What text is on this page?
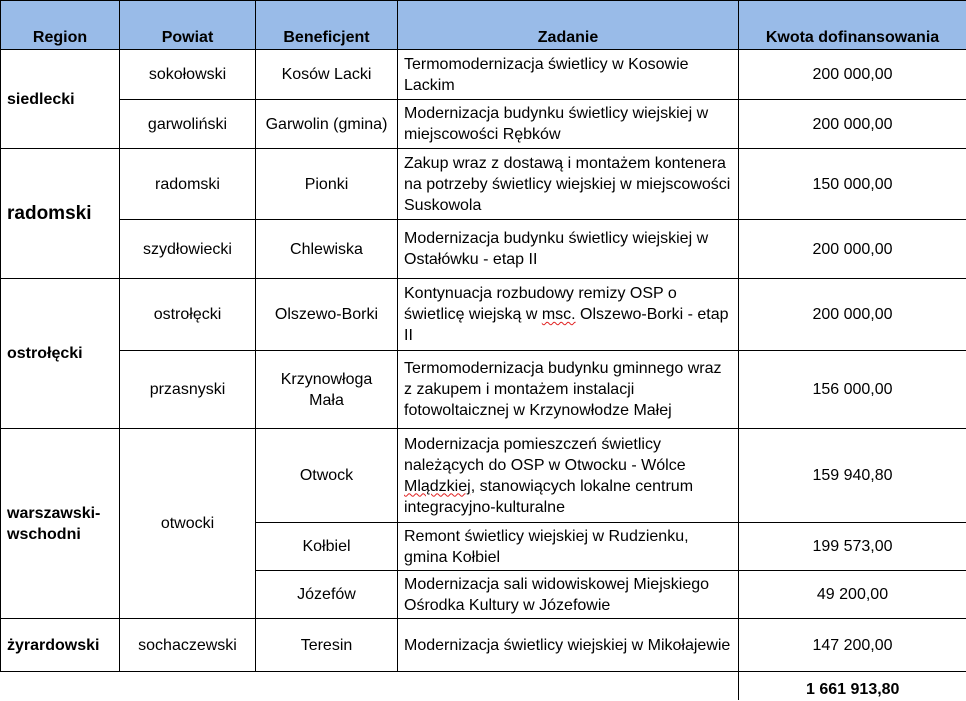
Region	Powiat	Beneficjent	Zadanie	Kwota dofinansowania
siedlecki	sokołowski	Kosów Lacki	Termomodernizacja świetlicy w Kosowie Lackim	200 000,00
	garwoliński	Garwolin (gmina)	Modernizacja budynku świetlicy wiejskiej w miejscowości Rębków	200 000,00
radomski	radomski	Pionki	Zakup wraz z dostawą i montażem kontenera na potrzeby świetlicy wiejskiej w miejscowości Suskowola	150 000,00
	szydłowiecki	Chlewiska	Modernizacja budynku świetlicy wiejskiej w Ostałówku - etap II	200 000,00
ostrołęcki	ostrołęcki	Olszewo-Borki	Kontynuacja rozbudowy remizy OSP o świetlicę wiejską w msc. Olszewo-Borki - etap II	200 000,00
	przasnyski	Krzynowłoga Mała	Termomodernizacja budynku gminnego wraz z zakupem i montażem instalacji fotowoltaicznej w Krzynowłodze Małej	156 000,00
warszawski-wschodni	otwocki	Otwock	Modernizacja pomieszczeń świetlicy należących do OSP w Otwocku - Wólce Mlądzkiej, stanowiących lokalne centrum integracyjno-kulturalne	159 940,80
		Kołbiel	Remont świetlicy wiejskiej w Rudzienku, gmina Kołbiel	199 573,00
		Józefów	Modernizacja sali widowiskowej Miejskiego Ośrodka Kultury w Józefowie	49 200,00
żyrardowski	sochaczewski	Teresin	Modernizacja świetlicy wiejskiej w Mikołajewie	147 200,00
				1 661 913,80
